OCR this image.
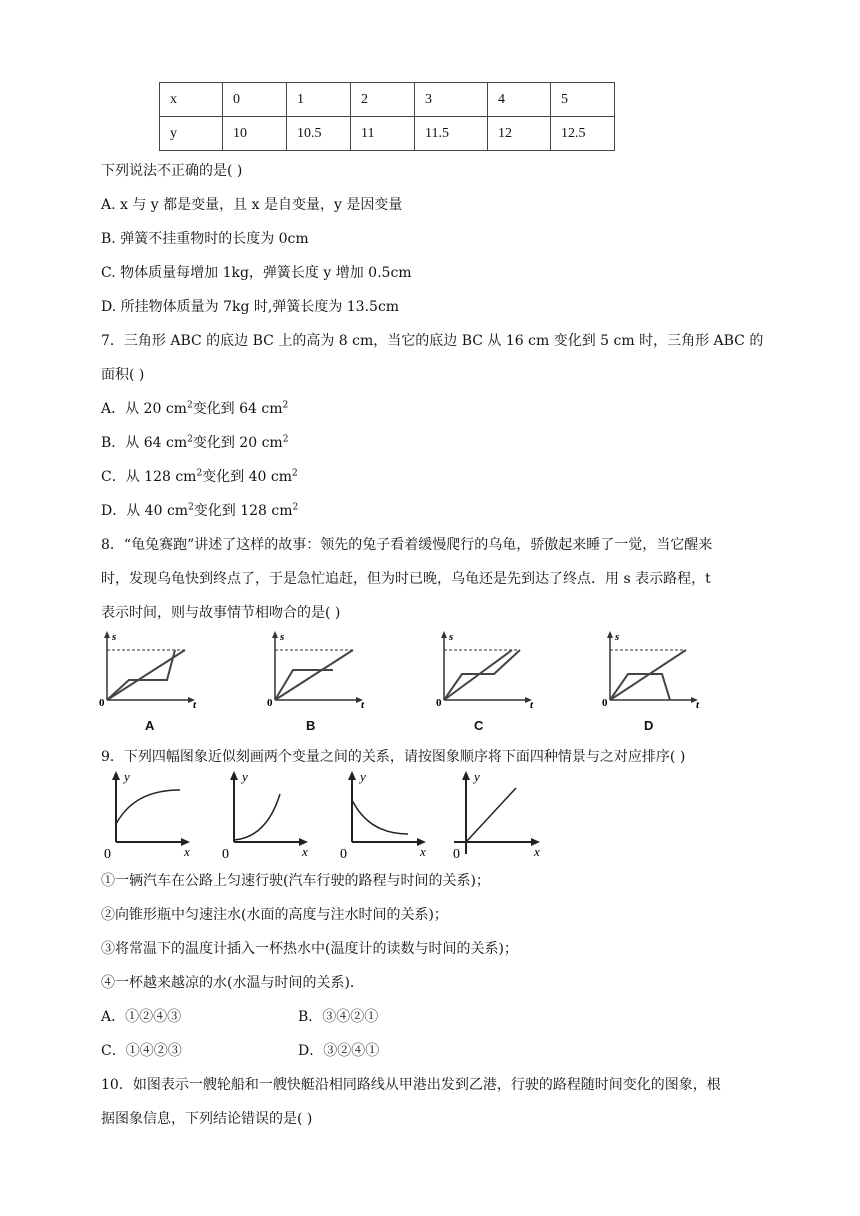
x	0	1	2	3	4	5
y	10	10.5	11	11.5	12	12.5
下列说法不正确的是( )
A. x 与 y 都是变量，且 x 是自变量，y 是因变量
B. 弹簧不挂重物时的长度为 0cm
C. 物体质量每增加 1kg，弹簧长度 y 增加 0.5cm
D. 所挂物体质量为 7kg 时,弹簧长度为 13.5cm
7．三角形 ABC 的底边 BC 上的高为 8 cm，当它的底边 BC 从 16 cm 变化到 5 cm 时，三角形 ABC 的
面积( )
A．从 20 $cm^2$变化到 64 $cm^2$
B．从 64 $cm^2$变化到 20 $cm^2$
C．从 128 $cm^2$变化到 40 $cm^2$
D．从 40 $cm^2$变化到 128 $cm^2$
8．“龟兔赛跑”讲述了这样的故事：领先的兔子看着缓慢爬行的乌龟，骄傲起来睡了一觉，当它醒来
时，发现乌龟快到终点了，于是急忙追赶，但为时已晚，乌龟还是先到达了终点．用 s 表示路程，t
表示时间，则与故事情节相吻合的是( )
s
t
0
A
s
t
0
B
s
t
0
C
s
t
0
D
9．下列四幅图象近似刻画两个变量之间的关系，请按图象顺序将下面四种情景与之对应排序( )
y
x
0
y
x
0
y
x
0
y
x
0
①一辆汽车在公路上匀速行驶(汽车行驶的路程与时间的关系)；
②向锥形瓶中匀速注水(水面的高度与注水时间的关系)；
③将常温下的温度计插入一杯热水中(温度计的读数与时间的关系)；
④一杯越来越凉的水(水温与时间的关系)．
A．①②④③	B．③④②①
C．①④②③	D．③②④①
10．如图表示一艘轮船和一艘快艇沿相同路线从甲港出发到乙港，行驶的路程随时间变化的图象，根
据图象信息，下列结论错误的是( )
